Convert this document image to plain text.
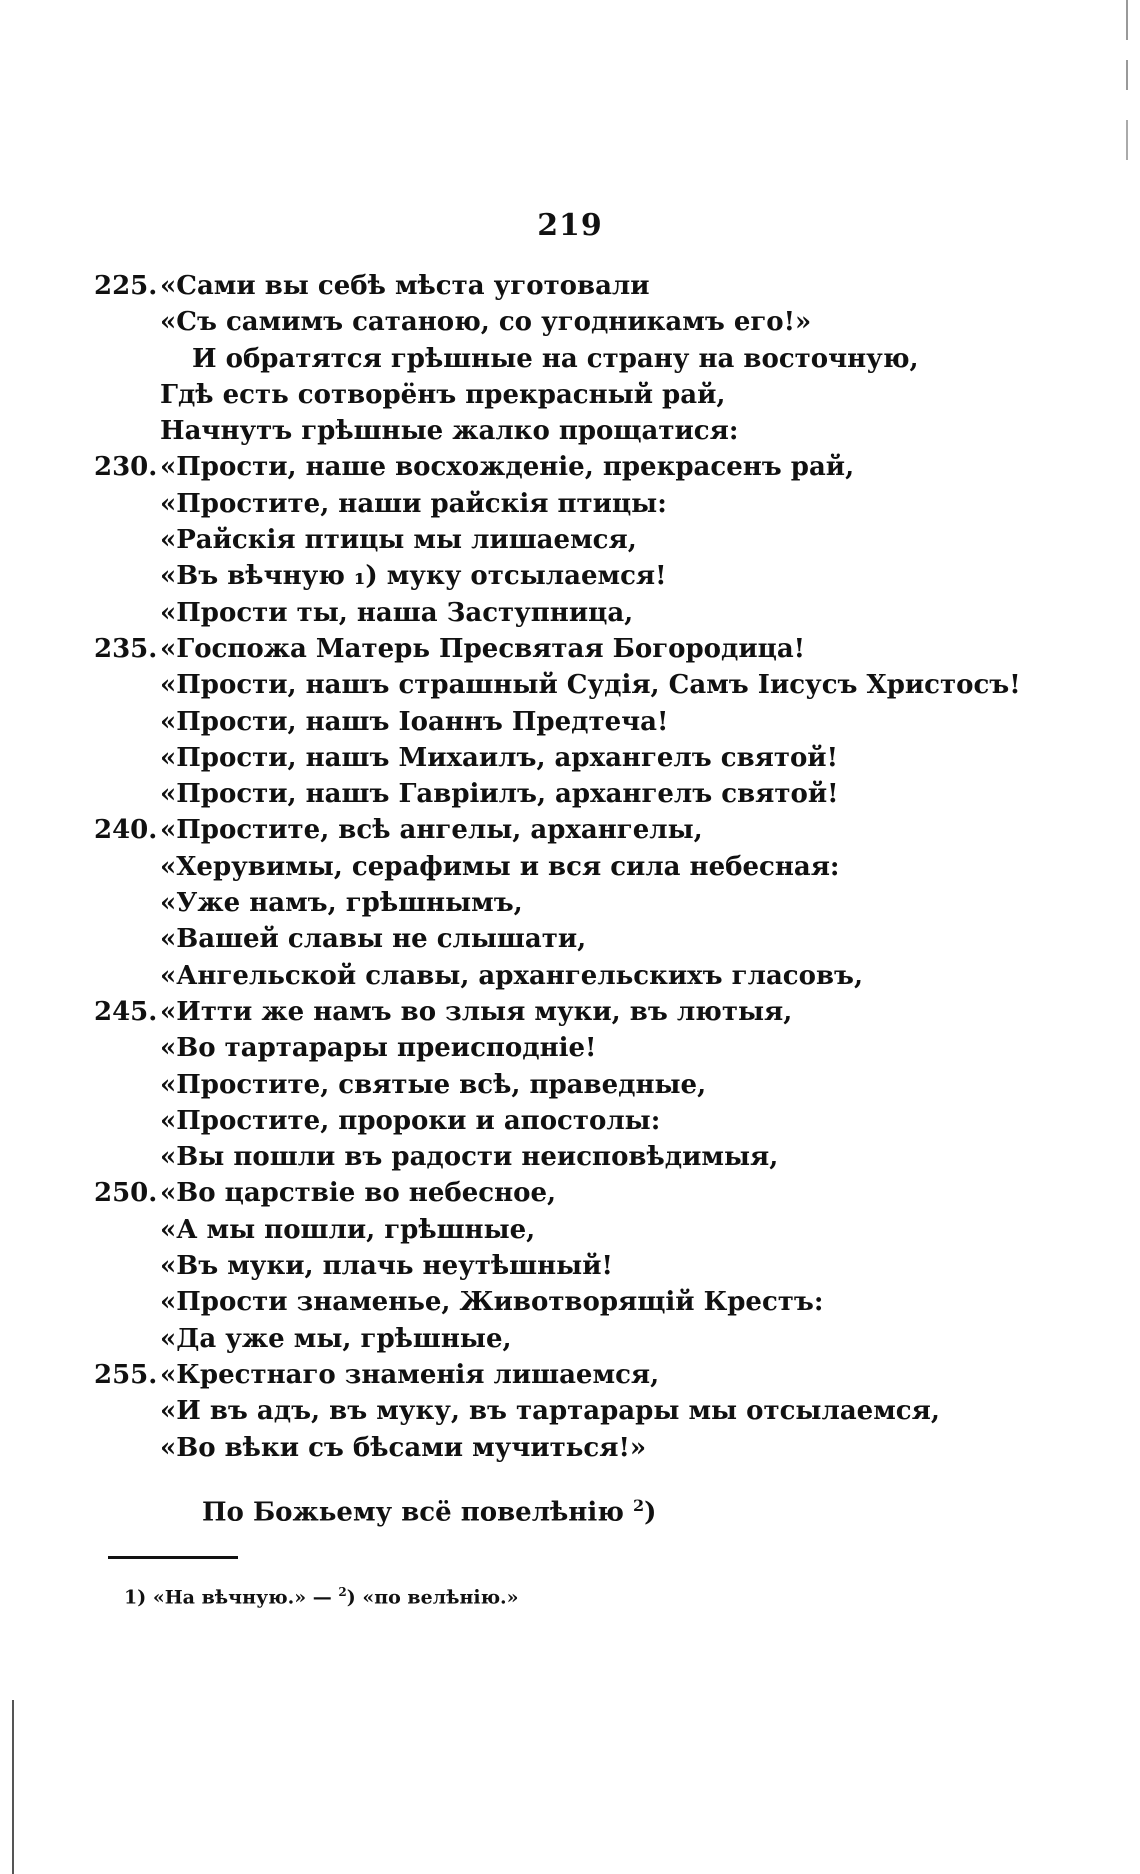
219
225. «Сами вы себѣ мѣста уготовали
«Съ самимъ сатаною, со угодникамъ его!»
И обратятся грѣшные на страну на восточную,
Гдѣ есть сотворёнъ прекрасный рай,
Начнутъ грѣшные жалко прощатися:
230. «Прости, наше восхожденіе, прекрасенъ рай,
«Простите, наши райскія птицы:
«Райскія птицы мы лишаемся,
«Въ вѣчную ₁) муку отсылаемся!
«Прости ты, наша Заступница,
235. «Госпожа Матерь Пресвятая Богородица!
«Прости, нашъ страшный Судія, Самъ Іисусъ Христосъ!
«Прости, нашъ Іоаннъ Предтеча!
«Прости, нашъ Михаилъ, архангелъ святой!
«Прости, нашъ Гавріилъ, архангелъ святой!
240. «Простите, всѣ ангелы, архангелы,
«Херувимы, серафимы и вся сила небесная:
«Уже намъ, грѣшнымъ,
«Вашей славы не слышати,
«Ангельской славы, архангельскихъ гласовъ,
245. «Итти же намъ во злыя муки, въ лютыя,
«Во тартарары преисподніе!
«Простите, святые всѣ, праведные,
«Простите, пророки и апостолы:
«Вы пошли въ радости неисповѣдимыя,
250. «Во царствіе во небесное,
«А мы пошли, грѣшные,
«Въ муки, плачь неутѣшный!
«Прости знаменье, Животворящій Крестъ:
«Да уже мы, грѣшные,
255. «Крестнаго знаменія лишаемся,
«И въ адъ, въ муку, въ тартарары мы отсылаемся,
«Во вѣки съ бѣсами мучиться!»
По Божьему всё повелѣнію $^2$)
1) «На вѣчную.» — $^2$) «по велѣнію.»
